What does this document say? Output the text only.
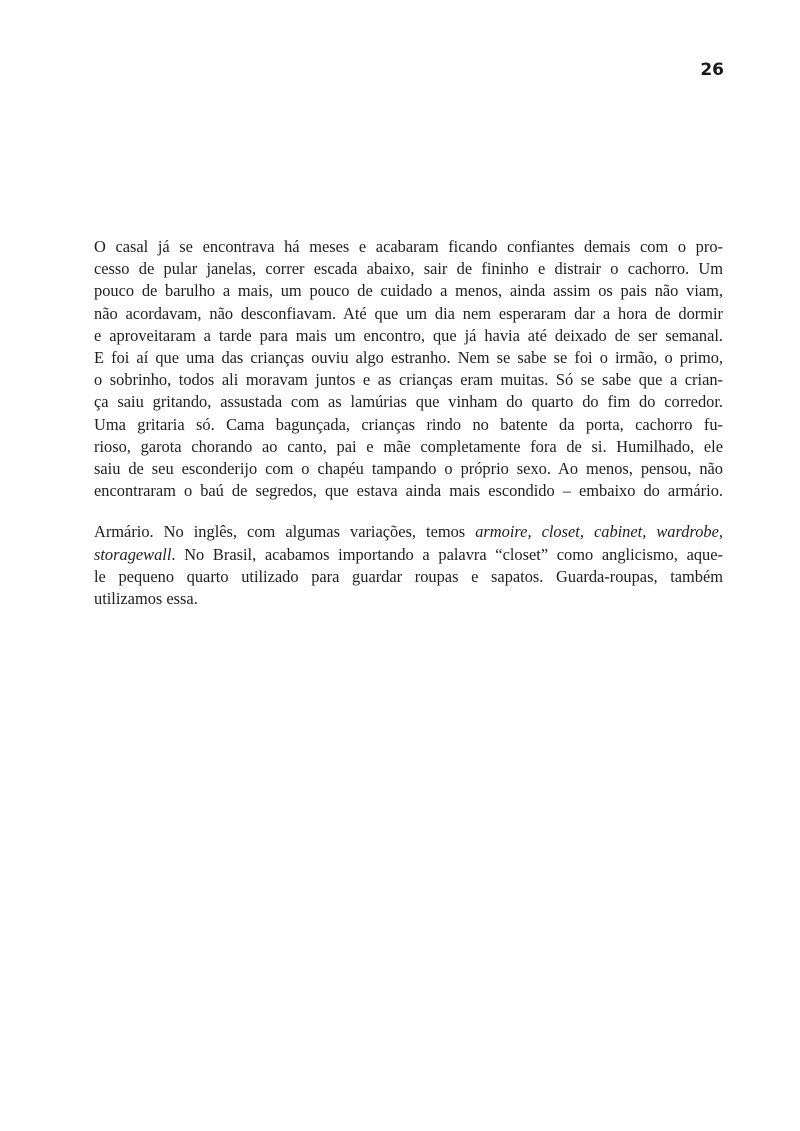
26
O casal já se encontrava há meses e acabaram ficando confiantes demais com o pro-
cesso de pular janelas, correr escada abaixo, sair de fininho e distrair o cachorro. Um
pouco de barulho a mais, um pouco de cuidado a menos, ainda assim os pais não viam,
não acordavam, não desconfiavam. Até que um dia nem esperaram dar a hora de dormir
e aproveitaram a tarde para mais um encontro, que já havia até deixado de ser semanal.
E foi aí que uma das crianças ouviu algo estranho. Nem se sabe se foi o irmão, o primo,
o sobrinho, todos ali moravam juntos e as crianças eram muitas. Só se sabe que a crian-
ça saiu gritando, assustada com as lamúrias que vinham do quarto do fim do corredor.
Uma gritaria só. Cama bagunçada, crianças rindo no batente da porta, cachorro fu-
rioso, garota chorando ao canto, pai e mãe completamente fora de si. Humilhado, ele
saiu de seu esconderijo com o chapéu tampando o próprio sexo. Ao menos, pensou, não
encontraram o baú de segredos, que estava ainda mais escondido – embaixo do armário.
Armário. No inglês, com algumas variações, temos armoire, closet, cabinet, wardrobe,
storagewall. No Brasil, acabamos importando a palavra “closet” como anglicismo, aque-
le pequeno quarto utilizado para guardar roupas e sapatos. Guarda-roupas, também
utilizamos essa.
